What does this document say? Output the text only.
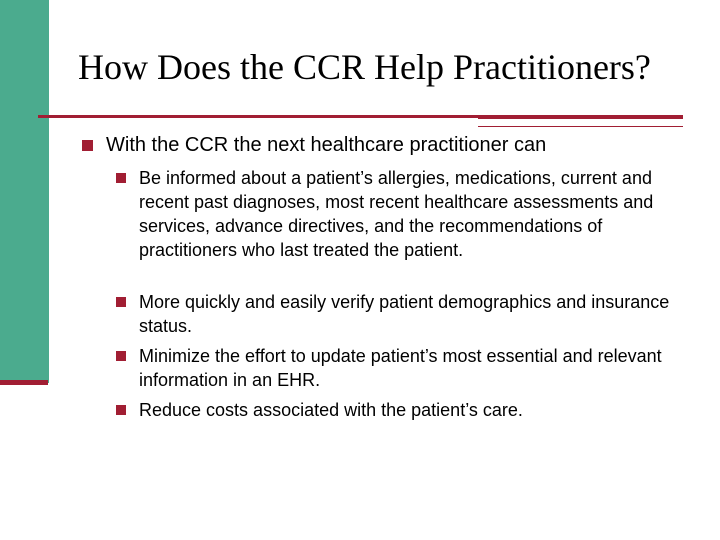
How Does the CCR Help Practitioners?
With the CCR the next healthcare practitioner can
Be informed about a patient’s allergies, medications, current and recent past diagnoses, most recent healthcare assessments and services, advance directives, and the recommendations of practitioners who last treated the patient.
More quickly and easily verify patient demographics and insurance status.
Minimize the effort to update patient’s most essential and relevant information in an EHR.
Reduce costs associated with the patient’s care.
